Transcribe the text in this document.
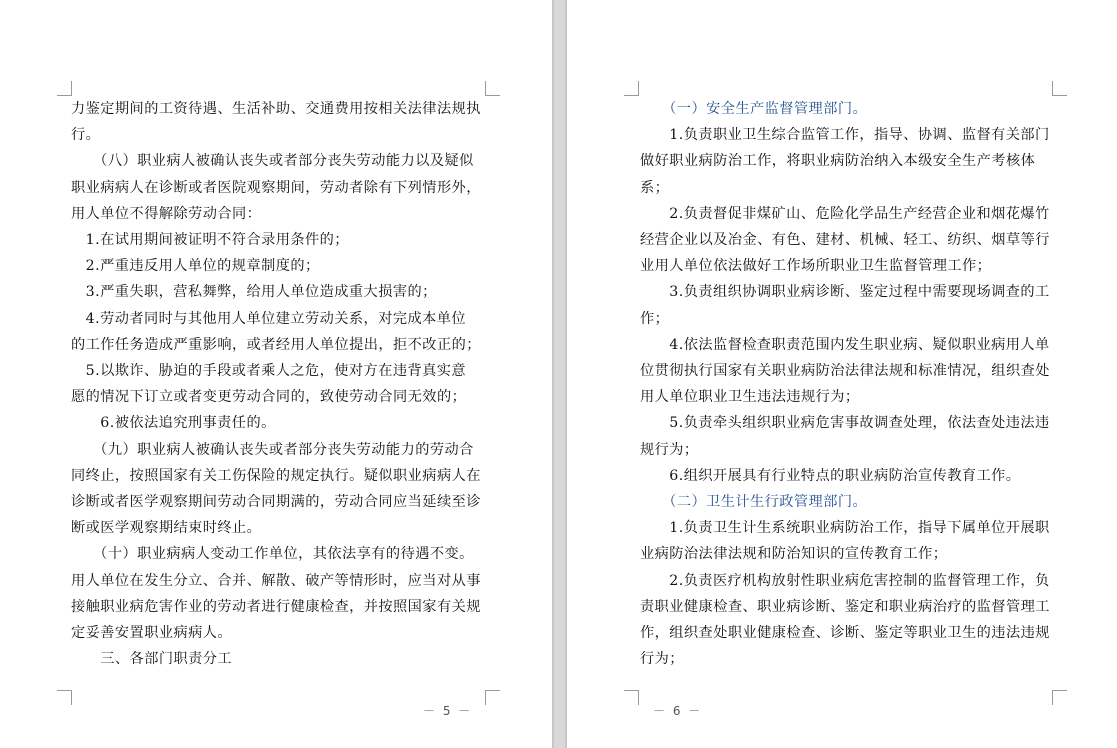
力鉴定期间的工资待遇、生活补助、交通费用按相关法律法规执
行。
　　（八）职业病人被确认丧失或者部分丧失劳动能力以及疑似
职业病病人在诊断或者医院观察期间，劳动者除有下列情形外，
用人单位不得解除劳动合同：
　1.在试用期间被证明不符合录用条件的；
　2.严重违反用人单位的规章制度的；
　3.严重失职，营私舞弊，给用人单位造成重大损害的；
　4.劳动者同时与其他用人单位建立劳动关系，对完成本单位
的工作任务造成严重影响，或者经用人单位提出，拒不改正的；
　5.以欺诈、胁迫的手段或者乘人之危，使对方在违背真实意
愿的情况下订立或者变更劳动合同的，致使劳动合同无效的；
　　6.被依法追究刑事责任的。
　　（九）职业病人被确认丧失或者部分丧失劳动能力的劳动合
同终止，按照国家有关工伤保险的规定执行。疑似职业病病人在
诊断或者医学观察期间劳动合同期满的，劳动合同应当延续至诊
断或医学观察期结束时终止。
　　（十）职业病病人变动工作单位，其依法享有的待遇不变。
用人单位在发生分立、合并、解散、破产等情形时，应当对从事
接触职业病危害作业的劳动者进行健康检查，并按照国家有关规
定妥善安置职业病病人。
　　三、各部门职责分工
－ 5 －
　　（一）安全生产监督管理部门。
　　1.负责职业卫生综合监管工作，指导、协调、监督有关部门
做好职业病防治工作，将职业病防治纳入本级安全生产考核体
系；
　　2.负责督促非煤矿山、危险化学品生产经营企业和烟花爆竹
经营企业以及冶金、有色、建材、机械、轻工、纺织、烟草等行
业用人单位依法做好工作场所职业卫生监督管理工作；
　　3.负责组织协调职业病诊断、鉴定过程中需要现场调查的工
作；
　　4.依法监督检查职责范围内发生职业病、疑似职业病用人单
位贯彻执行国家有关职业病防治法律法规和标准情况，组织查处
用人单位职业卫生违法违规行为；
　　5.负责牵头组织职业病危害事故调查处理，依法查处违法违
规行为；
　　6.组织开展具有行业特点的职业病防治宣传教育工作。
　　（二）卫生计生行政管理部门。
　　1.负责卫生计生系统职业病防治工作，指导下属单位开展职
业病防治法律法规和防治知识的宣传教育工作；
　　2.负责医疗机构放射性职业病危害控制的监督管理工作，负
责职业健康检查、职业病诊断、鉴定和职业病治疗的监督管理工
作，组织查处职业健康检查、诊断、鉴定等职业卫生的违法违规
行为；
－ 6 －
